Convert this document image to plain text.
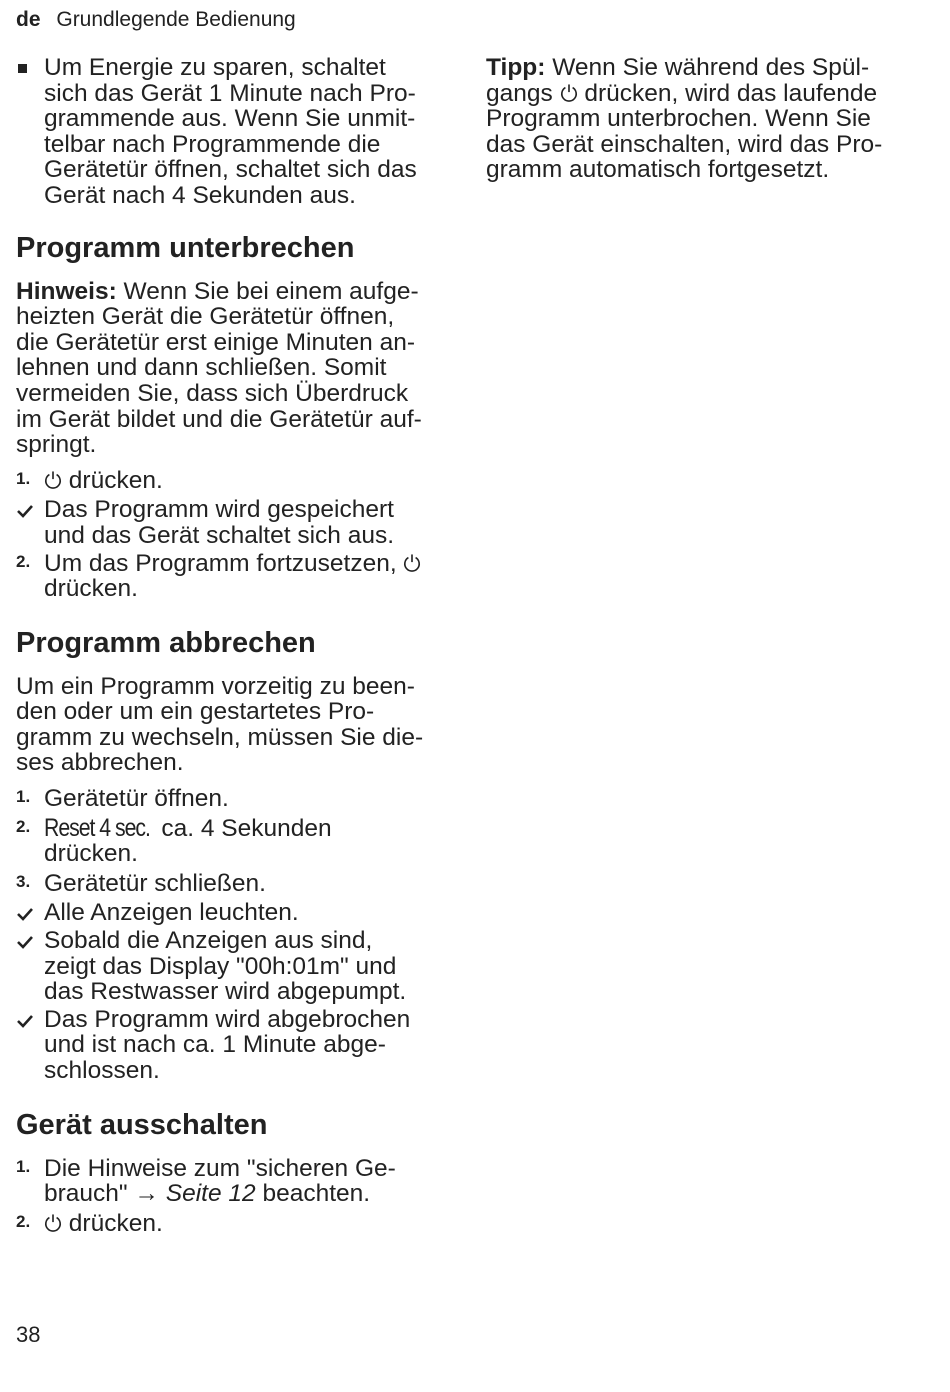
de Grundlegende Bedienung

Um Energie zu sparen, schaltet

sich das Gerät 1 Minute nach Pro-

grammende aus. Wenn Sie unmit-

telbar nach Programmende die

Gerätetür öffnen, schaltet sich das

Gerät nach 4 Sekunden aus.

Programm unterbrechen

Hinweis: Wenn Sie bei einem aufge-

heizten Gerät die Gerätetür öffnen,

die Gerätetür erst einige Minuten an-

lehnen und dann schließen. Somit

vermeiden Sie, dass sich Überdruck

im Gerät bildet und die Gerätetür auf-

springt.

1.	drücken.

Das Programm wird gespeichert

und das Gerät schaltet sich aus.

2. Um das Programm fortzusetzen,

drücken.

Programm abbrechen

Um ein Programm vorzeitig zu been-

den oder um ein gestartetes Pro-

gramm zu wechseln, müssen Sie die-

ses abbrechen.

1. Gerätetür öffnen.

2. Reset 4 sec. ca. 4 Sekunden

drücken.

3. Gerätetür schließen.

Alle Anzeigen leuchten.

Sobald die Anzeigen aus sind,

zeigt das Display "00h:01m" und

das Restwasser wird abgepumpt.

Das Programm wird abgebrochen

und ist nach ca. 1 Minute abge-

schlossen.

Gerät ausschalten
1. Die Hinweise zum "sicheren Ge-

brauch" → Seite 12 beachten.

2.	drücken.

Tipp: Wenn Sie während des Spül-

gangs  drücken, wird das laufende

Programm unterbrochen. Wenn Sie

das Gerät einschalten, wird das Pro-

gramm automatisch fortgesetzt.

38
